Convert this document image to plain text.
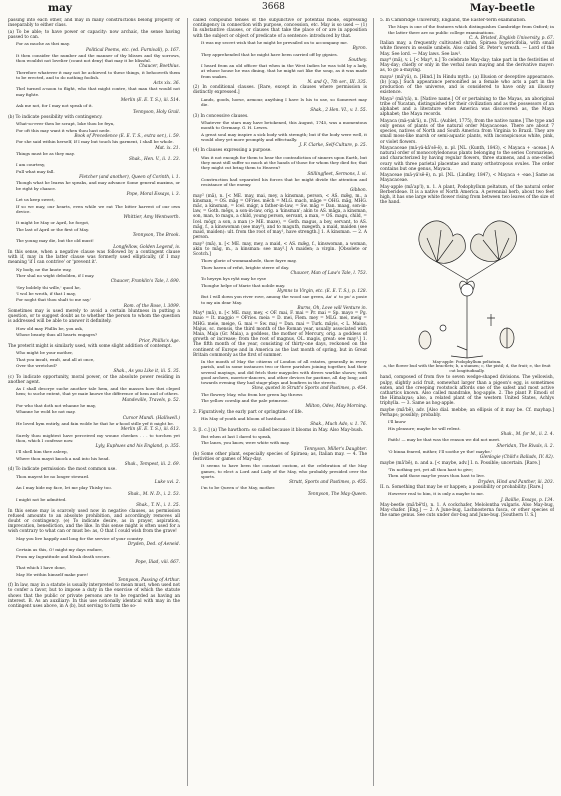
may	3668	May-beetle

passing into each other, and may in many constructions belong properly or inseparably to either class.

(a) To be able; to have power or capacity: now archaic, the sense having passed to can.

For as muche as thei may.

Political Poems, etc. (ed. Furnivall), p. 167.

It then consider the number and the manner of thy blisses and thy sorrows, thou wouldst not lovelier (count not deny) that may it be blissful.

Chaucer, Boethius.

Therefore whatever it may not be achieved to these things, it behooveth them to be erected, and to do nothing foolish.

Acts xix. 36.

Thel turned a-noon to flight, who that might contre, that man that would not may fighte.

Merlin (E. E. T. S.), iii. 514.

Ask me not, for I may not speak of it.

Tennyson, Holy Grail.

(b) To indicate possibility with contingency.

What-so-ever then be scrapt, loke thou be feyn,

For oft this may want it when thou hast nede.

Book of Precedence (E. E. T. S., extra ser.), i. 59.

For she said within herself, If I may but touch his garment, I shall be whole.

Mat. ix. 21.

Things must be as they may.

Shak., Hen. V., ii. 1. 23.

I am courtesy,

Full what may fall.

Fletcher (and another), Queen of Corinth, i. 1.

Though what he learns he speaks, and may advance Some general maxims, or be right by chance.

Pope, Moral Essays, i. 3.

Let us keep sweet,

If so we may, our hearts, even while we eat The bitter harvest of our own device.

Whittier, Amy Wentworth.

It might be May or April, he forgot,

The last of April or the first of May.

Tennyson, The Brook.

The young may die, but the old must!

Longfellow, Golden Legend, iv.

In this sense, when a negative clause was followed by a contingent clause with if, may in the latter clause was formerly used elliptically, (if I may meaning 'if I can contrive' or 'prevent it'.

Ny body, ne the knote way,

Ther shal no wight debolden, if I may.

Chaucer, Franklin's Tale, l. 690.

'Sey boldely thi wille,' quod he,

'I wol be wroth, if that I may,

For noght that thou shalt to me say.'

Rom. of the Rose, l. 3099.

Sometimes may is used merely to avoid a certain bluntness in putting a question, or to suggest doubt as to whether the person to whom the question is addressed will be able to answer it definitely.

How old may Phillis be, you ask,

Whose beauty thus all hearts engages?

Prior, Phillis's Age.

The preterit might is similarly used, with some slight addition of contempt.

Who might be your mother,

That you insult, exult, and all at once,

Over the wretched?

Shak., As you Like it, iii. 5. 35.

(c) To indicate opportunity, moral power, or the absolute power residing in another agent.

As I shall descrye suche another tale hem, and the masses how thei cleped hem; to suche entent, that ye maie knowe the difference of hem and of others.

Mandeville, Travels, p. 52.

For who that doth not whanne he may,

Whanne he wold he not may.

Cursor Mundi. (Halliwell.)

He loved hym entirly, and fain wolde he that he a-hood stille yef it might be.

Merlin (E. E. T. S.), iii. 613.

Surely thou mightest have perceived my woune cheekes . . . to torchen yet thou, which I confesse now.

Lyly, Euphues and his England, p. 355.

I'll shell him thee asleep,

Where thou mayst knock a nail into his head.

Shak., Tempest, iii. 2. 69.

(d) To indicate permission: the most common use.

Thou mayest be no longer steward.

Luke xvi. 2.

An I may hide my face, let me play Thisby too.

Shak., M. N. D., i. 2. 53.

I might not be admitted.

Shak., T. N., i. 1. 25.

In this sense may is scarcely used now in negative clauses, as permission refused amounts to an absolute prohibition, and accordingly removes all doubt or contingency. (e) To indicate desire, as in prayer, aspiration, imprecation, benediction, and the like. In this sense might is often used for a wish contrary to what can or must be: as, O that I could wish from the grave!

May you live happily and long for the service of your country.

Dryden, Ded. of Aeneid.

Certain as this, O! might my days endure,

From my Ingratitude and bleak death secure.

Pope, Iliad, viii. 667.

That which I have done,

May He within himself make pure!

Tennyson, Passing of Arthur.

(f) In law, may in a statute is usually interpreted to mean must, when used not to confer a favor, but to impose a duty in the exercise of which the statute shows that the public or private persons are to be regarded as having an interest. B. As an auxiliary: In this use notionally identical with may in the contingent uses above, in A (b), but serving to form the so-

called compound tenses of the subjunctive or potential mode, expressing contingency in connection with purpose, concession, etc. May is so used — (1) In substantive clauses, or clauses that take the place of or are in apposition with the subject or object of predicate of a sentence: introduced by that.

It was my secret wish that he might be prevailed on to accompany me.

Byron.

They apprehended that he might have been carried off by gipsies.

Southey.

I heard from an old officer that when in the West Indies he was told by a lady, at whose house he was dining, that he might not like the soup, as it was made from snakes.

N. and Q., 7th ser., III. 335.

(2) In conditional clauses. [Rare, except in clauses where permission is distinctly expressed.]

Lands, goods, horse, armour, anything I have Is his to use, so Somerset may die.

Shak., 2 Hen. VI., v. 1. 55.

(3) In concessive clauses.

Whatever the stars may have betokened, this August, 1745, was a momentous month to Germany. G. H. Lewes.

A great soul may inspire a sick body with strength; but if the body were well, it would obey yet more promptly and effectually.

J. F. Clarke, Self-Culture, p. 25.

(4) In clauses expressing a purpose.

Was it not enough for them to hear the contradiction of sinners upon Earth, but they must still suffer so much at the hands of those for whom they died for, that they might cut bring them to Heaven?

Stillingfleet, Sermons, I. vi.

Construction had separated his forces that he might divide the attention and resistance of the enemy.

Gibbon.

may² (mā), n. [< ME. may, mai, mey, a kinsman, person, < AS. mǣg, m., a kinsman, = OS. māg = OFries. mēch = MLG. mach, māge = OHG. māg, MHG. māc, a kinsman, = Icel. mágr, a father-in-law, = Sw. māg = Dan. maag, son-in-law, = Goth. mēgs, a son-in-law, orig. a 'kinsman'; akin to AS. māga, a kinsman, son, man, to magu, a child, young person, servant, a man, = OS. magu, child, = Icel. mögr, a son, a man (> ME. maze), = Goth. magus, a boy, servant, to AS. māg, f., a kinswoman (see may³), and to maguth, mægeth, a maid, maiden (see maid, maiden): ult. from the root of may¹, have strength.] 1. A kinsman. — 2. A person.

may³ (mā), n. [< ME. may, mey, a maid, < AS. mǣg, f., kinswoman, a woman, akin to māg, m., a kinsman: see may².] A maiden; a virgin. [Obsolete or Scotch.]

Thow glorie of wommanhede, thow fayre may,

Thow haven of refut, brighte sterre of day.

Chaucer, Man of Law's Tale, l. 753.

To heyryn hys ryht may he ryse

Thoughe helpe of Marie that nobile may.

Hymns to Virgin, etc. (E. E. T. S.), p. 128.

But I will down yon river rove, among the wood sae green, An' a' to pu' a posie to my ain dear May.

Burns, Oh, Love will Venture in.

May⁴ (mā), n. [< ME. may, mey, < OF. mai, F. mai = Pr. mai = Sp. mayo = Pg. maio = It. maggio = OFries. meia = D. mei, Flem. mey = MLG. mei, meig = MHG. meie, meige, G. mai = Sw. maj = Dan. mai = Turk. māyis, < L. Maius, Majus, sc. mensis, the third month of the Roman year, usually associated with Maia, Maja (Gr. Maia), a goddess, the mother of Mercury, orig. a goddess of growth or increase; from the root of magnus, OL. magis, great: see may¹.] 1. The fifth month of the year, consisting of thirty-one days, reckoned on the continent of Europe and in America as the last month of spring, but in Great Britain commonly as the first of summer.

In the month of May the citizens of London of all estates, generally in every parish, and in some instances two or three parishes joining together, had their several mayings, and did fetch their maypoles with divers warlike shows; with good archers, morrice-dancers, and other devices for pastime, all day long; and towards evening they had stage-plays and bonfires in the streets.

Stow, quoted in Strutt's Sports and Pastimes, p. 454.

The flowery May, who from her green lap throws

The yellow cowslip and the pale primrose.

Milton, Odes, May Morning.

2. Figuratively, the early part or springtime of life.

His May of youth and bloom of lustihood.

Shak., Much Ado, v. 1. 76.

3. [l. c.] (a) The hawthorn: so called because it blooms in May. Also May-bush.

But when at last I dared to speak,

The lanes, you know, were white with may.

Tennyson, Miller's Daughter.

(b) Some other plant, especially species of Spiraea; as, Italian may. — 4. The festivities or games of May-day.

It seems to have been the constant custom, at the celebration of the May games, to elect a Lord and Lady of the May, who probably presided over the sports.

Strutt, Sports and Pastimes, p. 455.

I'm to be Queen o' the May, mother.

Tennyson, The May-Queen.

5. In Cambridge University, England, the Easter-term examination.

The Mays is one of the features which distinguishes Cambridge from Oxford; in the latter there are no public college examinations.

C. A. Bristed, English University, p. 67.

Italian may, a frequently cultivated shrub, Spiraea hypericifolia, with small white flowers in sessile umbels. Also called St. Peter's wreath. — Lord of the May. See lord. — May laws. See law¹.

may⁴ (mā), v. i. [< May⁴, n.] To celebrate May-day; take part in the festivities of May-day; chiefly or only in the verbal noun maying and the derivative mayer: as, to go a-maying.

maya¹ (mä'yä), n. [Hind.] In Hindu myth.: (a) Illusion or deceptive appearance. (b) [cap.] Such appearance personified as a female who acts a part in the production of the universe, and is considered to have only an illusory existence.

Maya² (mä'yä), n. [Native name.] Of or pertaining to the Mayas, an aboriginal tribe of Yucatan, distinguished for their civilization and as the possessors of an alphabet and a literature when America was discovered: as, the Maya alphabet; the Maya records.

Mayaca (mä-yak'ä), n. [NL. (Aublet, 1775), from the native name.] The type and only genus of plants of the natural order Mayacaceae. There are about 7 species, natives of North and South America from Virginia to Brazil. They are small moss-like marsh or semi-aquatic plants, with inconspicuous white, pink, or violet flowers.

Mayacaceae (mä-yä-kā'sē-ē), n. pl. [NL. (Kunth, 1843), < Mayaca + -aceae.] A natural order of monocotyledonous plants belonging to the series Coronarieae, and characterized by having regular flowers, three stamens, and a one-celled ovary with three parietal placentae and many orthotropous ovules. The order contains but one genus, Mayaca.

Mayaceae (mä-yä'sē-ē), n. pl. [NL. (Lindley, 1847), < Mayaca + -eae.] Same as Mayacaceae.

May-apple (mā'ap'l), n. 1. A plant, Podophyllum peltatum, of the natural order Berberideae. It is a native of North America. A perennial herb, about two feet high, it has one large white flower rising from between two leaves of the size of the hand.

May-apple: Podophyllum peltatum.
a, the flower bud with the bractlets; b, a stamen; c, the pistil; d, the fruit; e, the fruit cut longitudinally.

hand, composed of from five to seven wedge-shaped divisions. The yellowish, pulpy, slightly acid fruit, somewhat larger than a pigeon's egg, is sometimes eaten, and the creeping rootstock affords one of the safest and most active cathartics known. Also called mandrake, hog-apple. 2. The plant P. Emodi of the Himalayas; also, a related plant of the western United States, Achlys triphylla. — 3. Same as hog-apple.

maybe (mā'bē), adv. [Also dial. mebbe; an ellipsis of it may be. Cf. mayhap.] Perhaps; possibly; probably.

I'll know

His pleasure; maybe he will relent.

Shak., M. for M., ii. 2. 4.

Faith! — may be that was the reason we did not meet.

Sheridan, The Rivals, ii. 2.

'O binna feared, mither, I'll soothe ye the! maybe.'

Glenlogie (Child's Ballads, IV. 82).

maybe (mā'bē), n. and a. [< maybe, adv.] I. n. Possible; uncertain. [Rare.]

'Tis nothing yet, yet all thou hast to give;

Then add those may-be years thou hast to live.

Dryden, Hind and Panther, iii. 203.

II. n. Something that may be or happen; a possibility or probability. [Rare.]

However real to him, it is only a maybe to me.

J. Baillie, Essays, p. 134.

May-beetle (mā'bē'tl), n. 1. A cockchafer, Melolontha vulgaris. Also May-bug, May-chafer. [Eng.] — 2. A June-bug, Lachnosterna fusca, or other species of the same genus. See cuts under dor-bug and June-bug. [Southern U. S.]
